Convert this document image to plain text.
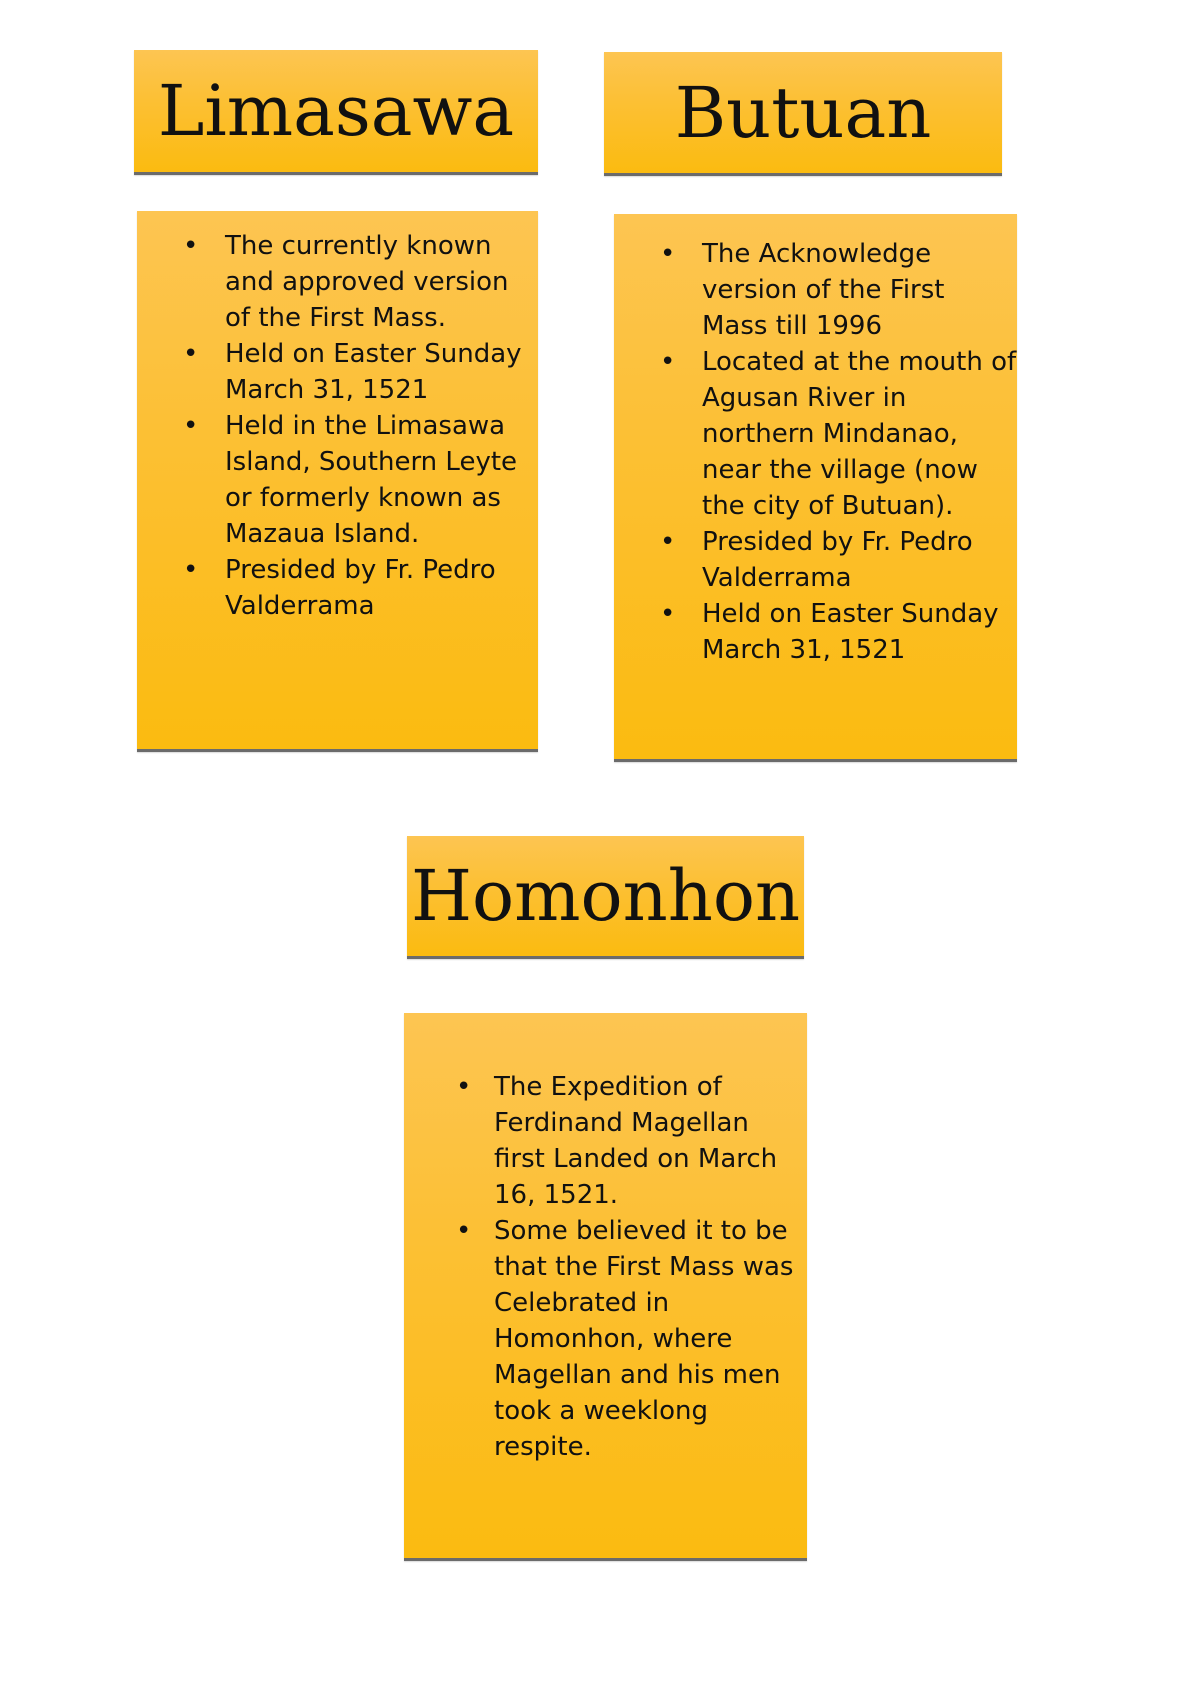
Limasawa
• The currently known and approved version of the First Mass.
• Held on Easter Sunday March 31, 1521
• Held in the Limasawa Island, Southern Leyte or formerly known as Mazaua Island.
• Presided by Fr. Pedro Valderrama
Butuan
• The Acknowledge version of the First Mass till 1996
• Located at the mouth of Agusan River in northern Mindanao, near the village (now the city of Butuan).
• Presided by Fr. Pedro Valderrama
• Held on Easter Sunday March 31, 1521
Homonhon
• The Expedition of Ferdinand Magellan first Landed on March 16, 1521.
• Some believed it to be that the First Mass was Celebrated in Homonhon, where Magellan and his men took a weeklong respite.
